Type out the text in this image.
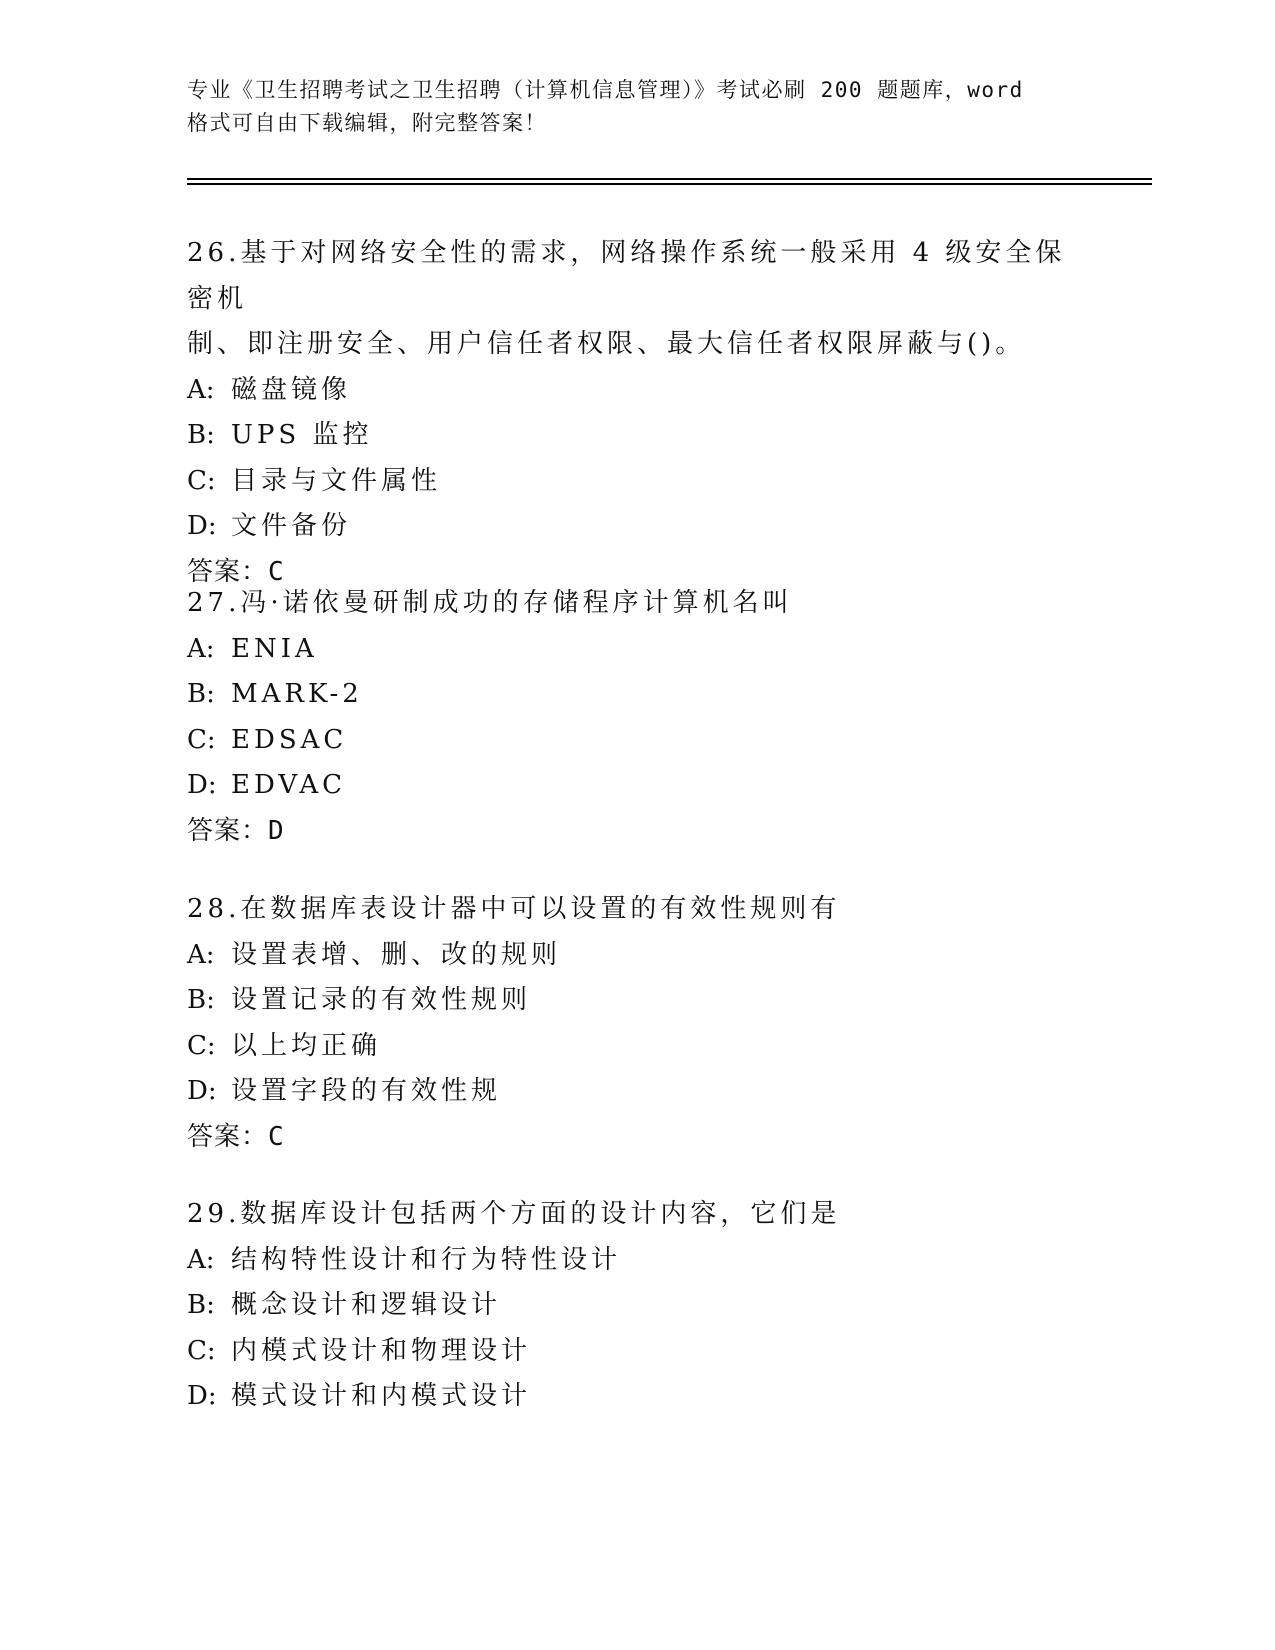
专业《卫生招聘考试之卫生招聘（计算机信息管理）》考试必刷 200 题题库，word
格式可自由下载编辑，附完整答案！

26.基于对网络安全性的需求，网络操作系统一般采用 4 级安全保密机

制、即注册安全、用户信任者权限、最大信任者权限屏蔽与()。

A: 磁盘镜像

B: UPS 监控

C: 目录与文件属性

D: 文件备份

答案：C

27.冯·诺依曼研制成功的存储程序计算机名叫

A: ENIA

B: MARK-2

C: EDSAC

D: EDVAC

答案：D

28.在数据库表设计器中可以设置的有效性规则有

A: 设置表增、删、改的规则

B: 设置记录的有效性规则

C: 以上均正确

D: 设置字段的有效性规

答案：C

29.数据库设计包括两个方面的设计内容，它们是

A: 结构特性设计和行为特性设计

B: 概念设计和逻辑设计

C: 内模式设计和物理设计

D: 模式设计和内模式设计
